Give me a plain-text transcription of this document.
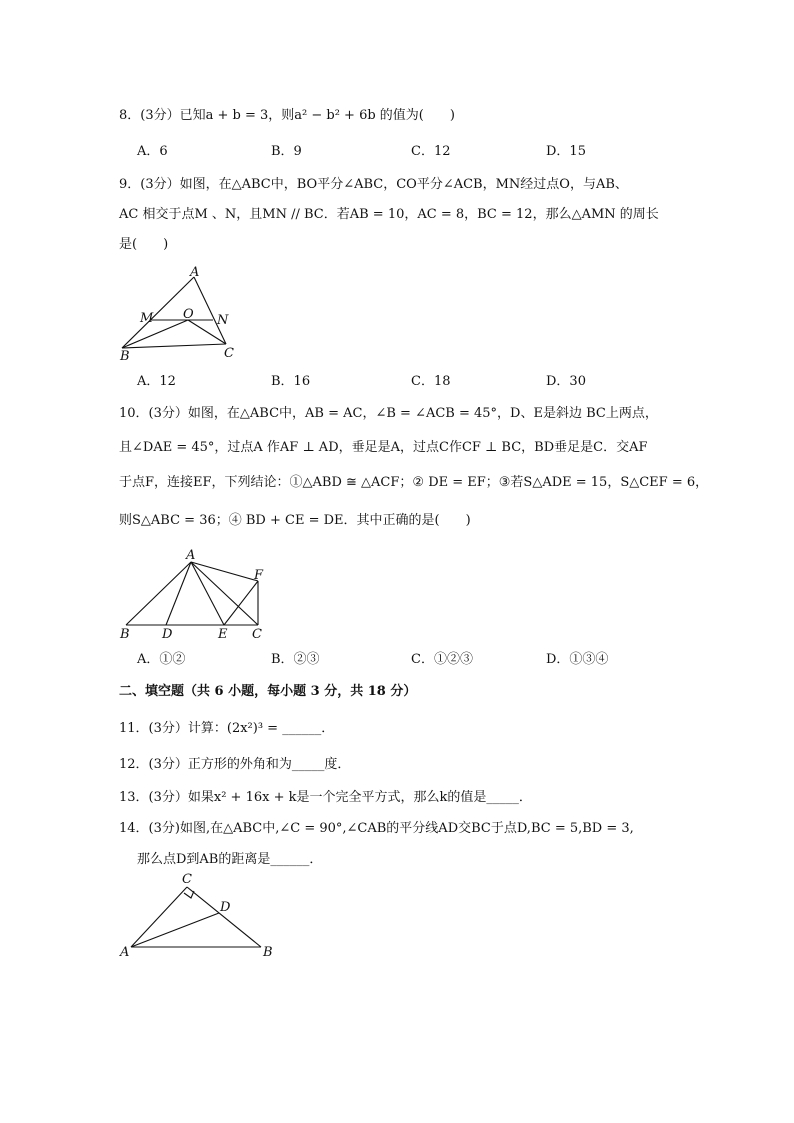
8．(3分）已知a + b = 3，则a² − b² + 6b 的值为(　　)
A．6	B．9	C．12	D．15
9．(3分）如图，在△ABC中，BO平分∠ABC，CO平分∠ACB，MN经过点O，与AB、
AC 相交于点M 、N，且MN // BC．若AB = 10，AC = 8，BC = 12，那么△AMN 的周长
是(　　)
A
M O N
B	C
A．12	B．16	C．18	D．30
10．(3分）如图，在△ABC中，AB = AC，∠B = ∠ACB = 45°，D、E是斜边 BC上两点，
且∠DAE = 45°，过点A 作AF ⊥ AD，垂足是A，过点C作CF ⊥ BC，BD垂足是C．交AF
于点F，连接EF，下列结论：①△ABD ≅ △ACF；② DE = EF；③若S△ADE = 15，S△CEF = 6，
则S△ABC = 36；④ BD + CE = DE．其中正确的是(　　)
A
F
B D	E C
A．①②	B．②③	C．①②③	D．①③④
二、填空题（共 6 小题，每小题 3 分，共 18 分）
11．(3分）计算：(2x²)³ = ______．
12．(3分）正方形的外角和为_____度．
13．(3分）如果x² + 16x + k是一个完全平方式，那么k的值是_____．
14．(3分)如图,在△ABC中,∠C = 90°,∠CAB的平分线AD交BC于点D,BC = 5,BD = 3,
那么点D到AB的距离是______．
C
D
A	B
